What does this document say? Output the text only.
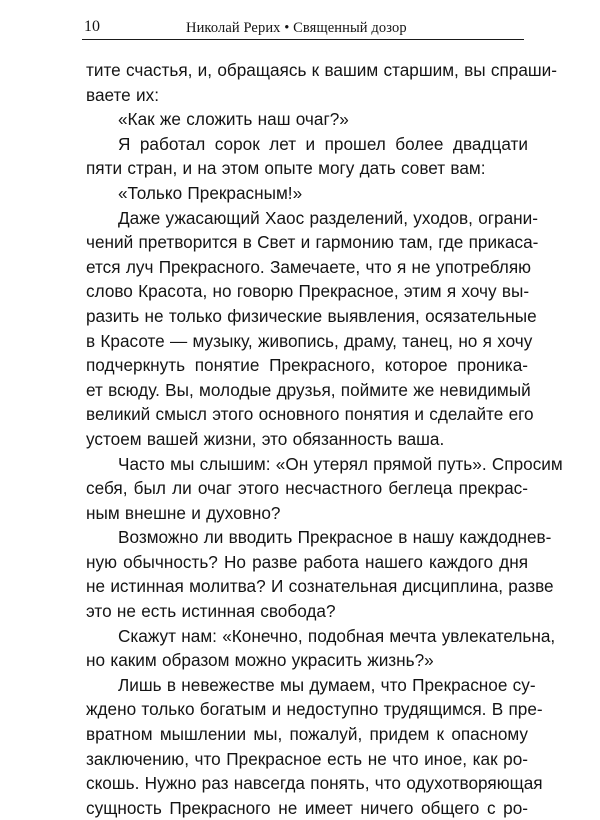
10	Николай Рерих • Священный дозор
тите счастья, и, обращаясь к вашим старшим, вы спраши-
ваете их:
«Как же сложить наш очаг?»
Я работал сорок лет и прошел более двадцати
пяти стран, и на этом опыте могу дать совет вам:
«Только Прекрасным!»
Даже ужасающий Хаос разделений, уходов, ограни-
чений претворится в Свет и гармонию там, где прикаса-
ется луч Прекрасного. Замечаете, что я не употребляю
слово Красота, но говорю Прекрасное, этим я хочу вы-
разить не только физические выявления, осязательные
в Красоте — музыку, живопись, драму, танец, но я хочу
подчеркнуть понятие Прекрасного, которое проника-
ет всюду. Вы, молодые друзья, поймите же невидимый
великий смысл этого основного понятия и сделайте его
устоем вашей жизни, это обязанность ваша.
Часто мы слышим: «Он утерял прямой путь». Спросим
себя, был ли очаг этого несчастного беглеца прекрас-
ным внешне и духовно?
Возможно ли вводить Прекрасное в нашу каждоднев-
ную обычность? Но разве работа нашего каждого дня
не истинная молитва? И сознательная дисциплина, разве
это не есть истинная свобода?
Скажут нам: «Конечно, подобная мечта увлекательна,
но каким образом можно украсить жизнь?»
Лишь в невежестве мы думаем, что Прекрасное су-
ждено только богатым и недоступно трудящимся. В пре-
вратном мышлении мы, пожалуй, придем к опасному
заключению, что Прекрасное есть не что иное, как ро-
скошь. Нужно раз навсегда понять, что одухотворяющая
сущность Прекрасного не имеет ничего общего с ро-
